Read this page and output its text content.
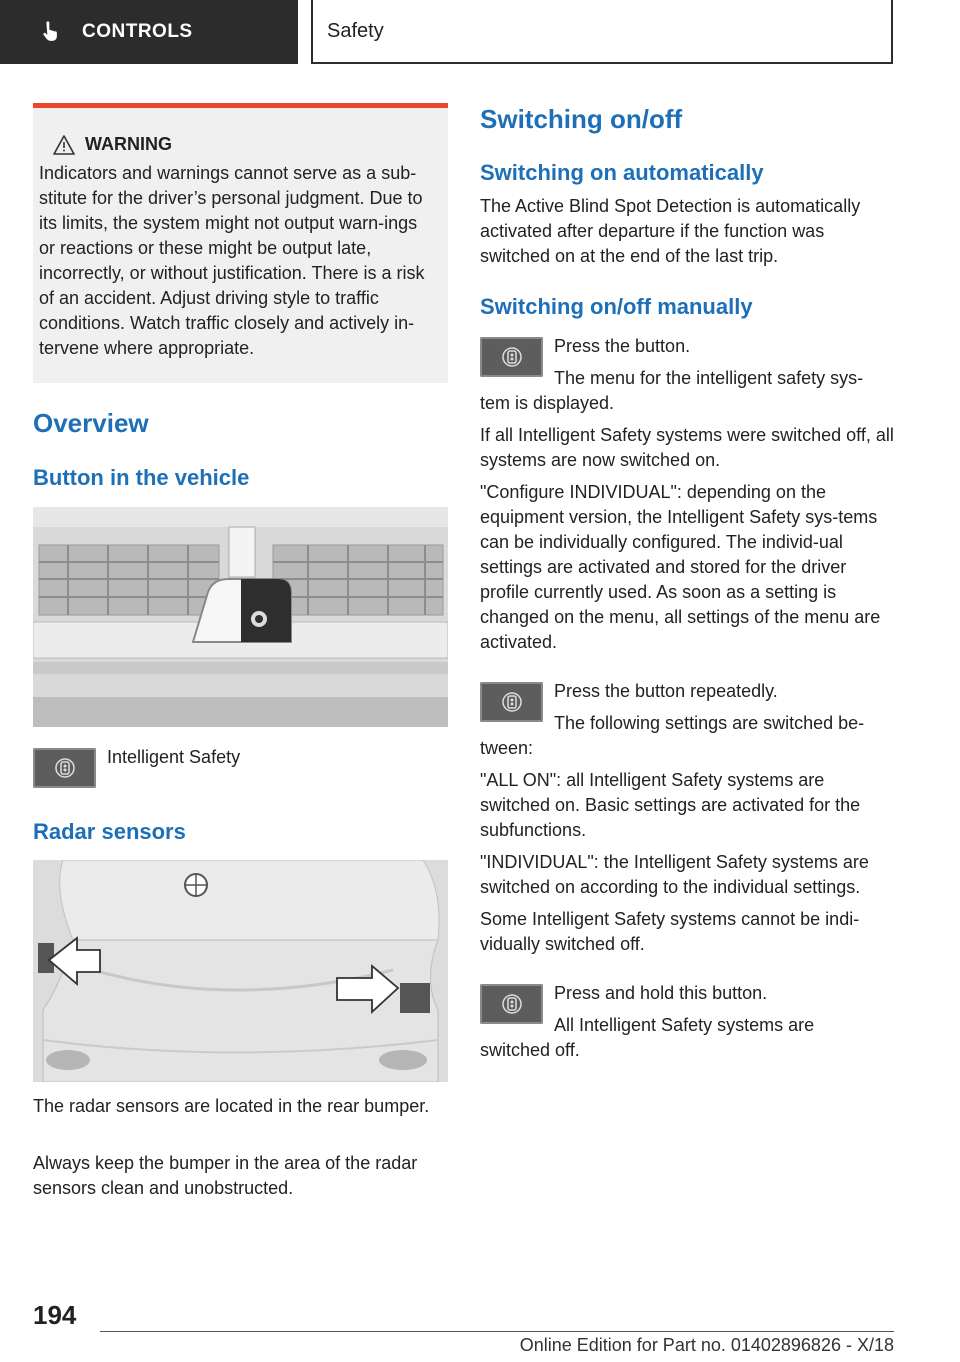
CONTROLS	Safety
WARNING

Indicators and warnings cannot serve as a sub-stitute for the driver’s personal judgment. Due to its limits, the system might not output warn-ings or reactions or these might be output late, incorrectly, or without justification. There is a risk of an accident. Adjust driving style to traffic conditions. Watch traffic closely and actively in-tervene where appropriate.

Overview
Button in the vehicle

Intelligent Safety

Radar sensors

The radar sensors are located in the rear bumper.

Always keep the bumper in the area of the radar sensors clean and unobstructed.

Switching on/off
Switching on automatically

The Active Blind Spot Detection is automatically activated after departure if the function was switched on at the end of the last trip.

Switching on/off manually

Press the button.

The menu for the intelligent safety sys-tem is displayed.

If all Intelligent Safety systems were switched off, all systems are now switched on.

"Configure INDIVIDUAL": depending on the equipment version, the Intelligent Safety sys-tems can be individually configured. The individ-ual settings are activated and stored for the driver profile currently used. As soon as a setting is changed on the menu, all settings of the menu are activated.

Press the button repeatedly.

The following settings are switched be-tween:

"ALL ON": all Intelligent Safety systems are switched on. Basic settings are activated for the subfunctions.

"INDIVIDUAL": the Intelligent Safety systems are switched on according to the individual settings.

Some Intelligent Safety systems cannot be indi-vidually switched off.

Press and hold this button.

All Intelligent Safety systems are switched off.

194
Online Edition for Part no. 01402896826 - X/18
